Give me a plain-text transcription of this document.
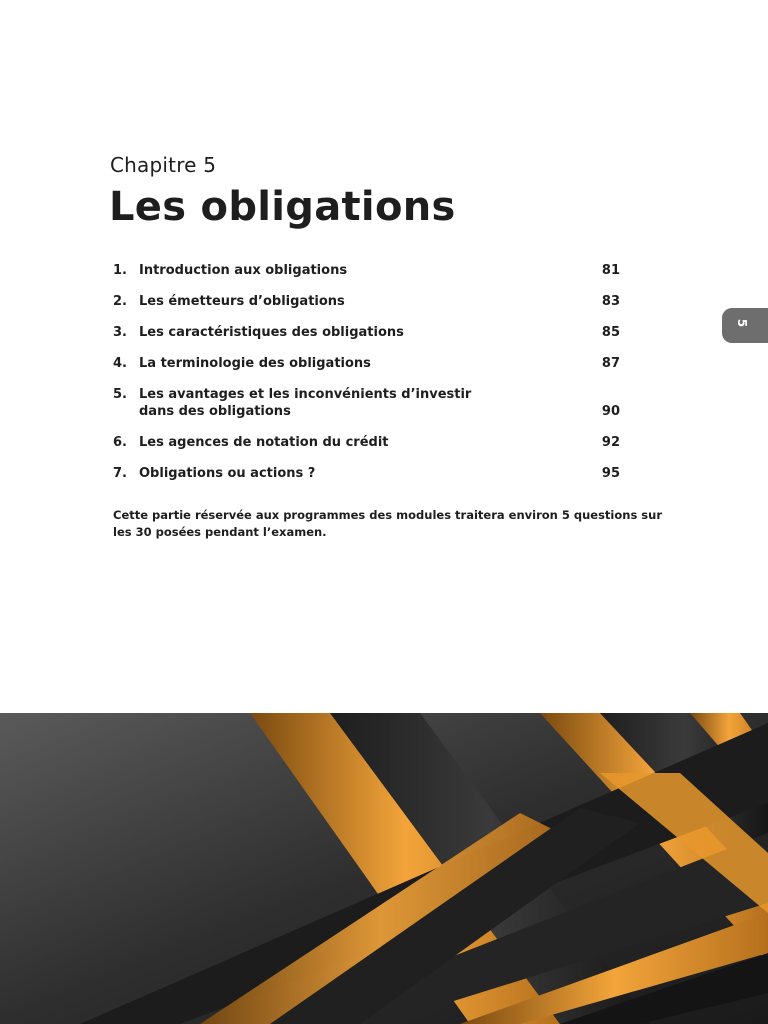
Chapitre 5
Les obligations
1. Introduction aux obligations	81
2. Les émetteurs d’obligations	83
3. Les caractéristiques des obligations	85
4. La terminologie des obligations	87
5. Les avantages et les inconvénients d’investir dans des obligations	90
6. Les agences de notation du crédit	92
7. Obligations ou actions ?	95
Cette partie réservée aux programmes des modules traitera environ 5 questions sur les 30 posées pendant l’examen.
5
